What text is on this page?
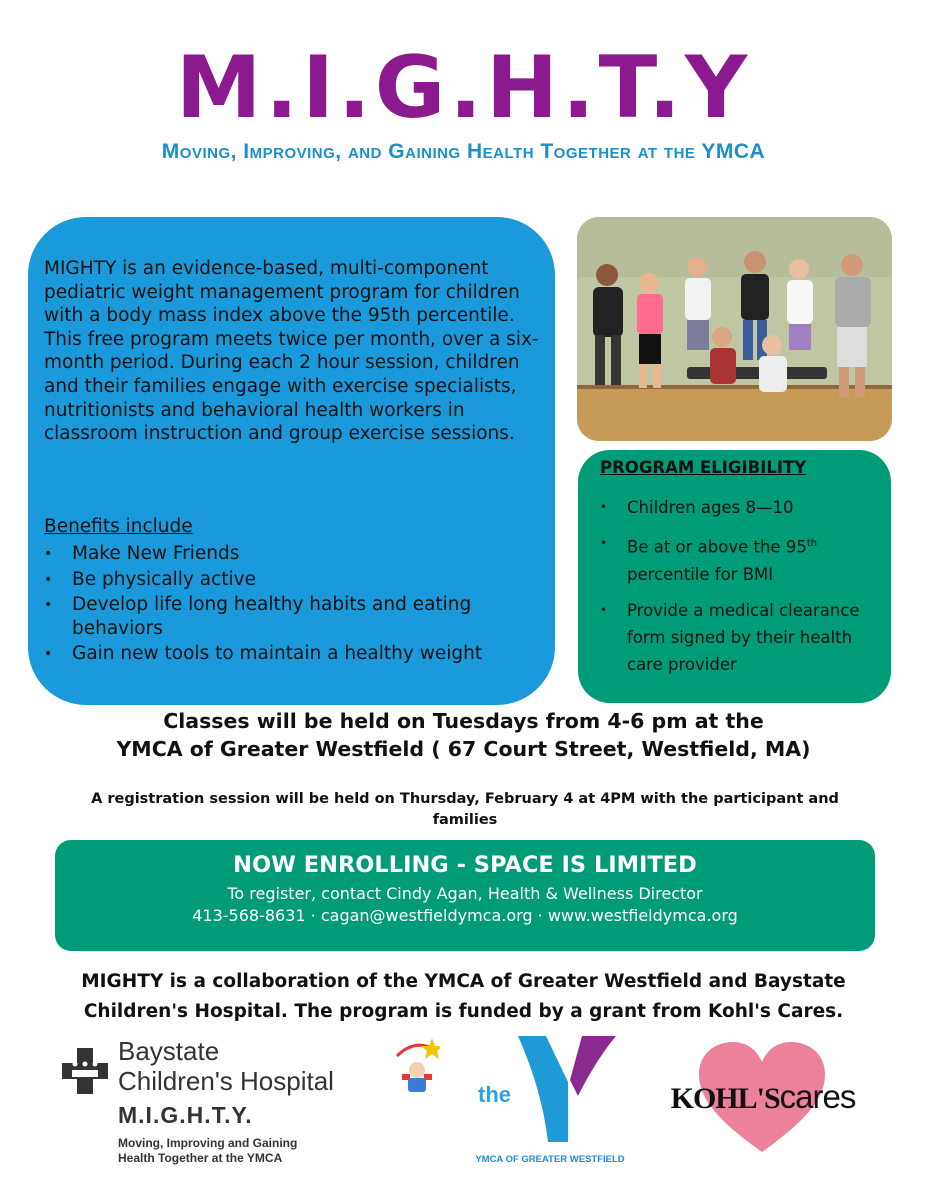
M.I.G.H.T.Y
Moving, Improving, and Gaining Health Together at the YMCA
MIGHTY is an evidence-based, multi-component pediatric weight management program for children with a body mass index above the 95th percentile. This free program meets twice per month, over a six-month period. During each 2 hour session, children and their families engage with exercise specialists, nutritionists and behavioral health workers in classroom instruction and group exercise sessions.
Benefits include
• Make New Friends
• Be physically active
• Develop life long healthy habits and eating behaviors
• Gain new tools to maintain a healthy weight
PROGRAM ELIGIBILITY
• Children ages 8—10
• Be at or above the 95th percentile for BMI
• Provide a medical clearance form signed by their health care provider
Classes will be held on Tuesdays from 4-6 pm at the
YMCA of Greater Westfield ( 67 Court Street, Westfield, MA)
A registration session will be held on Thursday, February 4 at 4PM with the participant and families
NOW ENROLLING - SPACE IS LIMITED
To register, contact Cindy Agan, Health & Wellness Director
413-568-8631 · cagan@westfieldymca.org · www.westfieldymca.org
MIGHTY is a collaboration of the YMCA of Greater Westfield and Baystate Children's Hospital. The program is funded by a grant from Kohl's Cares.
Baystate
Children's Hospital
M.I.G.H.T.Y.
Moving, Improving and Gaining
Health Together at the YMCA
YMCA
the
YMCA OF GREATER WESTFIELD
KOHL'Scares
